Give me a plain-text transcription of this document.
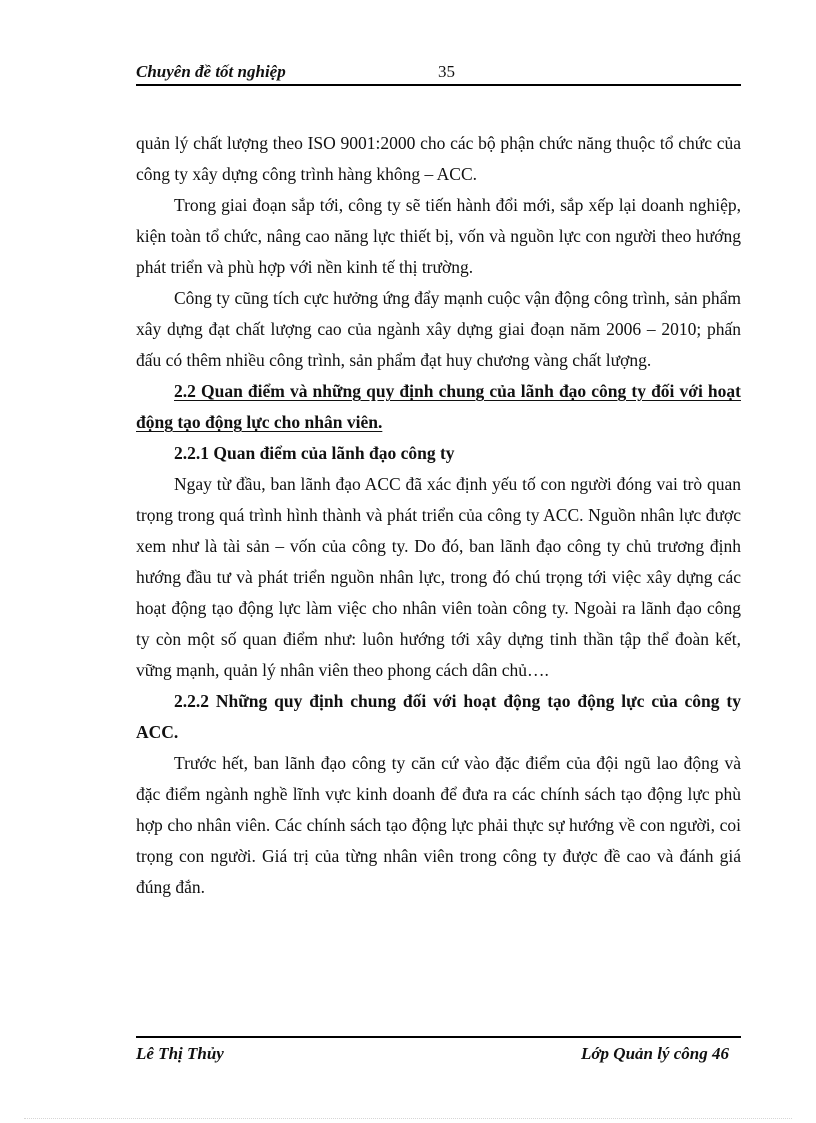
Chuyên đề tốt nghiệp	35

quản lý chất lượng theo ISO 9001:2000 cho các bộ phận chức năng thuộc tổ chức của công ty xây dựng công trình hàng không – ACC.

Trong giai đoạn sắp tới, công ty sẽ tiến hành đổi mới, sắp xếp lại doanh nghiệp, kiện toàn tổ chức, nâng cao năng lực thiết bị, vốn và nguồn lực con người theo hướng phát triển và phù hợp với nền kinh tế thị trường.

Công ty cũng tích cực hưởng ứng đẩy mạnh cuộc vận động công trình, sản phẩm xây dựng đạt chất lượng cao của ngành xây dựng giai đoạn năm 2006 – 2010; phấn đấu có thêm nhiều công trình, sản phẩm đạt huy chương vàng chất lượng.

2.2 Quan điểm và những quy định chung của lãnh đạo công ty đối với hoạt động tạo động lực cho nhân viên.

2.2.1 Quan điểm của lãnh đạo công ty

Ngay từ đầu, ban lãnh đạo ACC đã xác định yếu tố con người đóng vai trò quan trọng trong quá trình hình thành và phát triển của công ty ACC. Nguồn nhân lực được xem như là tài sản – vốn của công ty. Do đó, ban lãnh đạo công ty chủ trương định hướng đầu tư và phát triển nguồn nhân lực, trong đó chú trọng tới việc xây dựng các hoạt động tạo động lực làm việc cho nhân viên toàn công ty. Ngoài ra lãnh đạo công ty còn một số quan điểm như: luôn hướng tới xây dựng tinh thần tập thể đoàn kết, vững mạnh, quản lý nhân viên theo phong cách dân chủ….

2.2.2 Những quy định chung đối với hoạt động tạo động lực của công ty ACC.

Trước hết, ban lãnh đạo công ty căn cứ vào đặc điểm của đội ngũ lao động và đặc điểm ngành nghề lĩnh vực kinh doanh để đưa ra các chính sách tạo động lực phù hợp cho nhân viên. Các chính sách tạo động lực phải thực sự hướng về con người, coi trọng con người. Giá trị của từng nhân viên trong công ty được đề cao và đánh giá đúng đắn.

Lê Thị Thủy	Lớp Quản lý công 46
